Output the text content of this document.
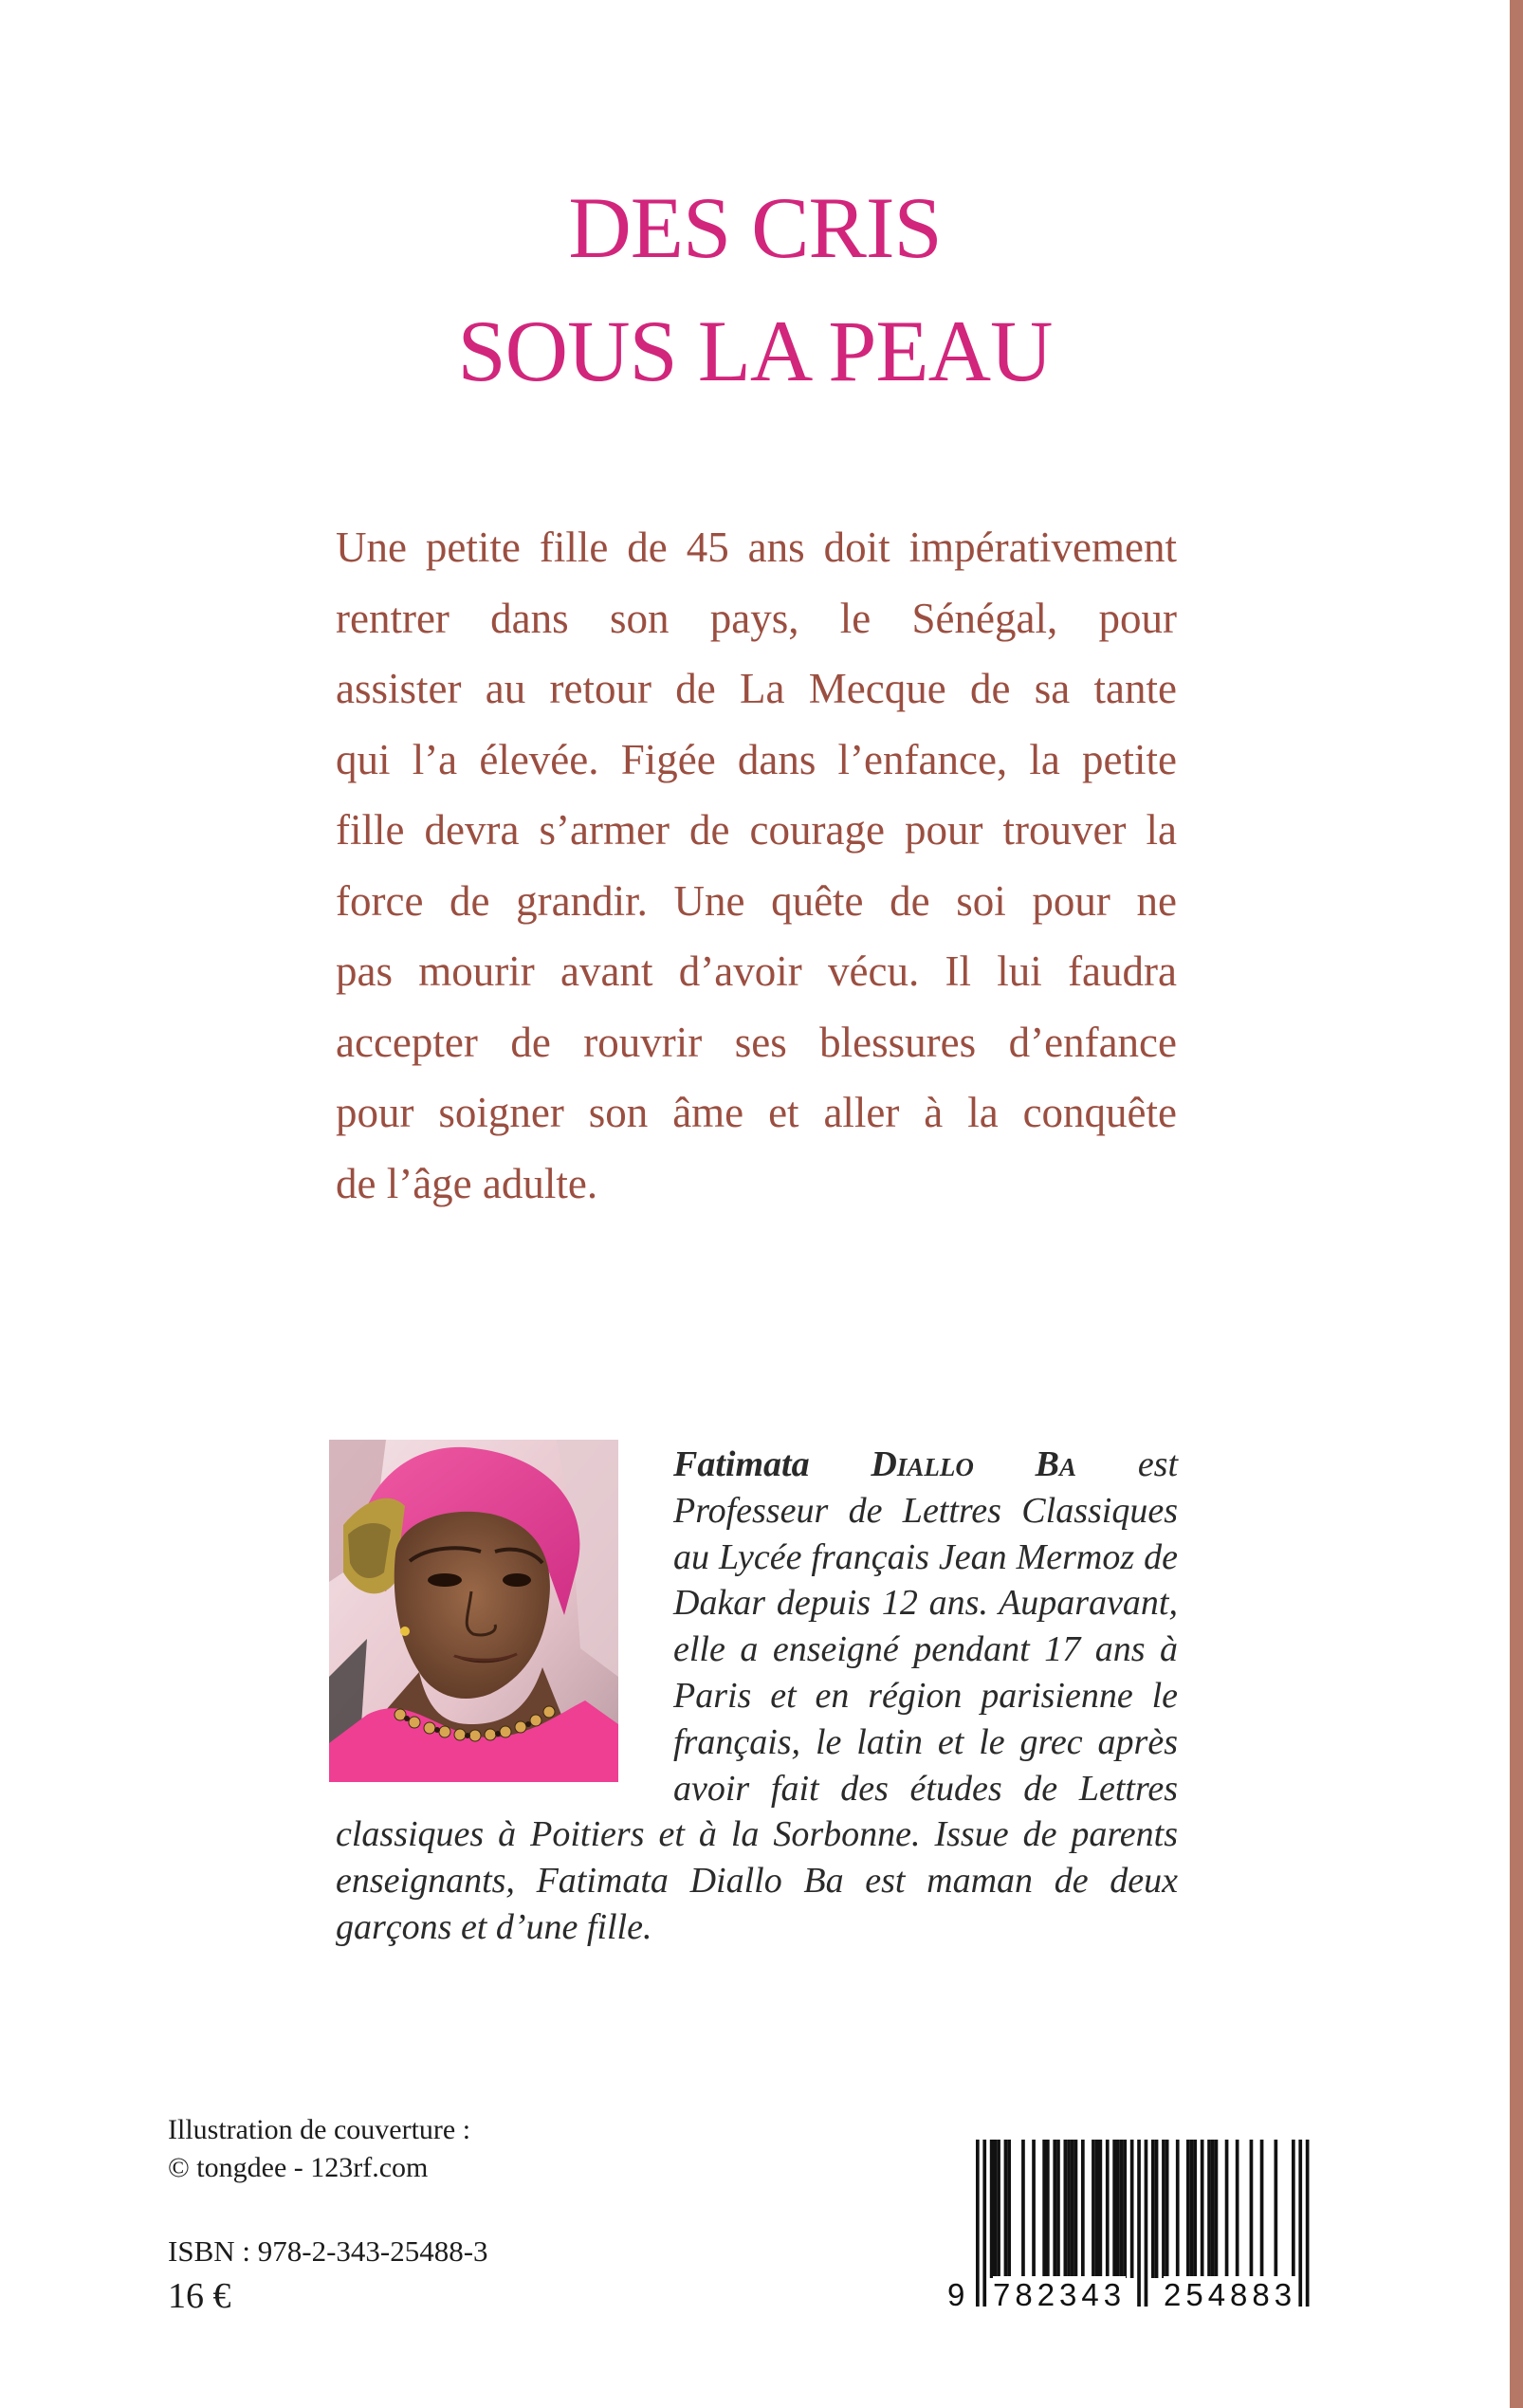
DES CRIS
SOUS LA PEAU
Une petite fille de 45 ans doit impérativement
rentrer dans son pays, le Sénégal, pour
assister au retour de La Mecque de sa tante
qui l’a élevée. Figée dans l’enfance, la petite
fille devra s’armer de courage pour trouver la
force de grandir. Une quête de soi pour ne
pas mourir avant d’avoir vécu. Il lui faudra
accepter de rouvrir ses blessures d’enfance
pour soigner son âme et aller à la conquête
de l’âge adulte.
Fatimata Diallo Ba est
Professeur de Lettres Classiques
au Lycée français Jean Mermoz de
Dakar depuis 12 ans. Auparavant,
elle a enseigné pendant 17 ans à
Paris et en région parisienne le
français, le latin et le grec après
avoir fait des études de Lettres
classiques à Poitiers et à la Sorbonne. Issue de parents
enseignants, Fatimata Diallo Ba est maman de deux
garçons et d’une fille.
Illustration de couverture :
© tongdee - 123rf.com
ISBN : 978-2-343-25488-3
16 €	9 782343 254883
